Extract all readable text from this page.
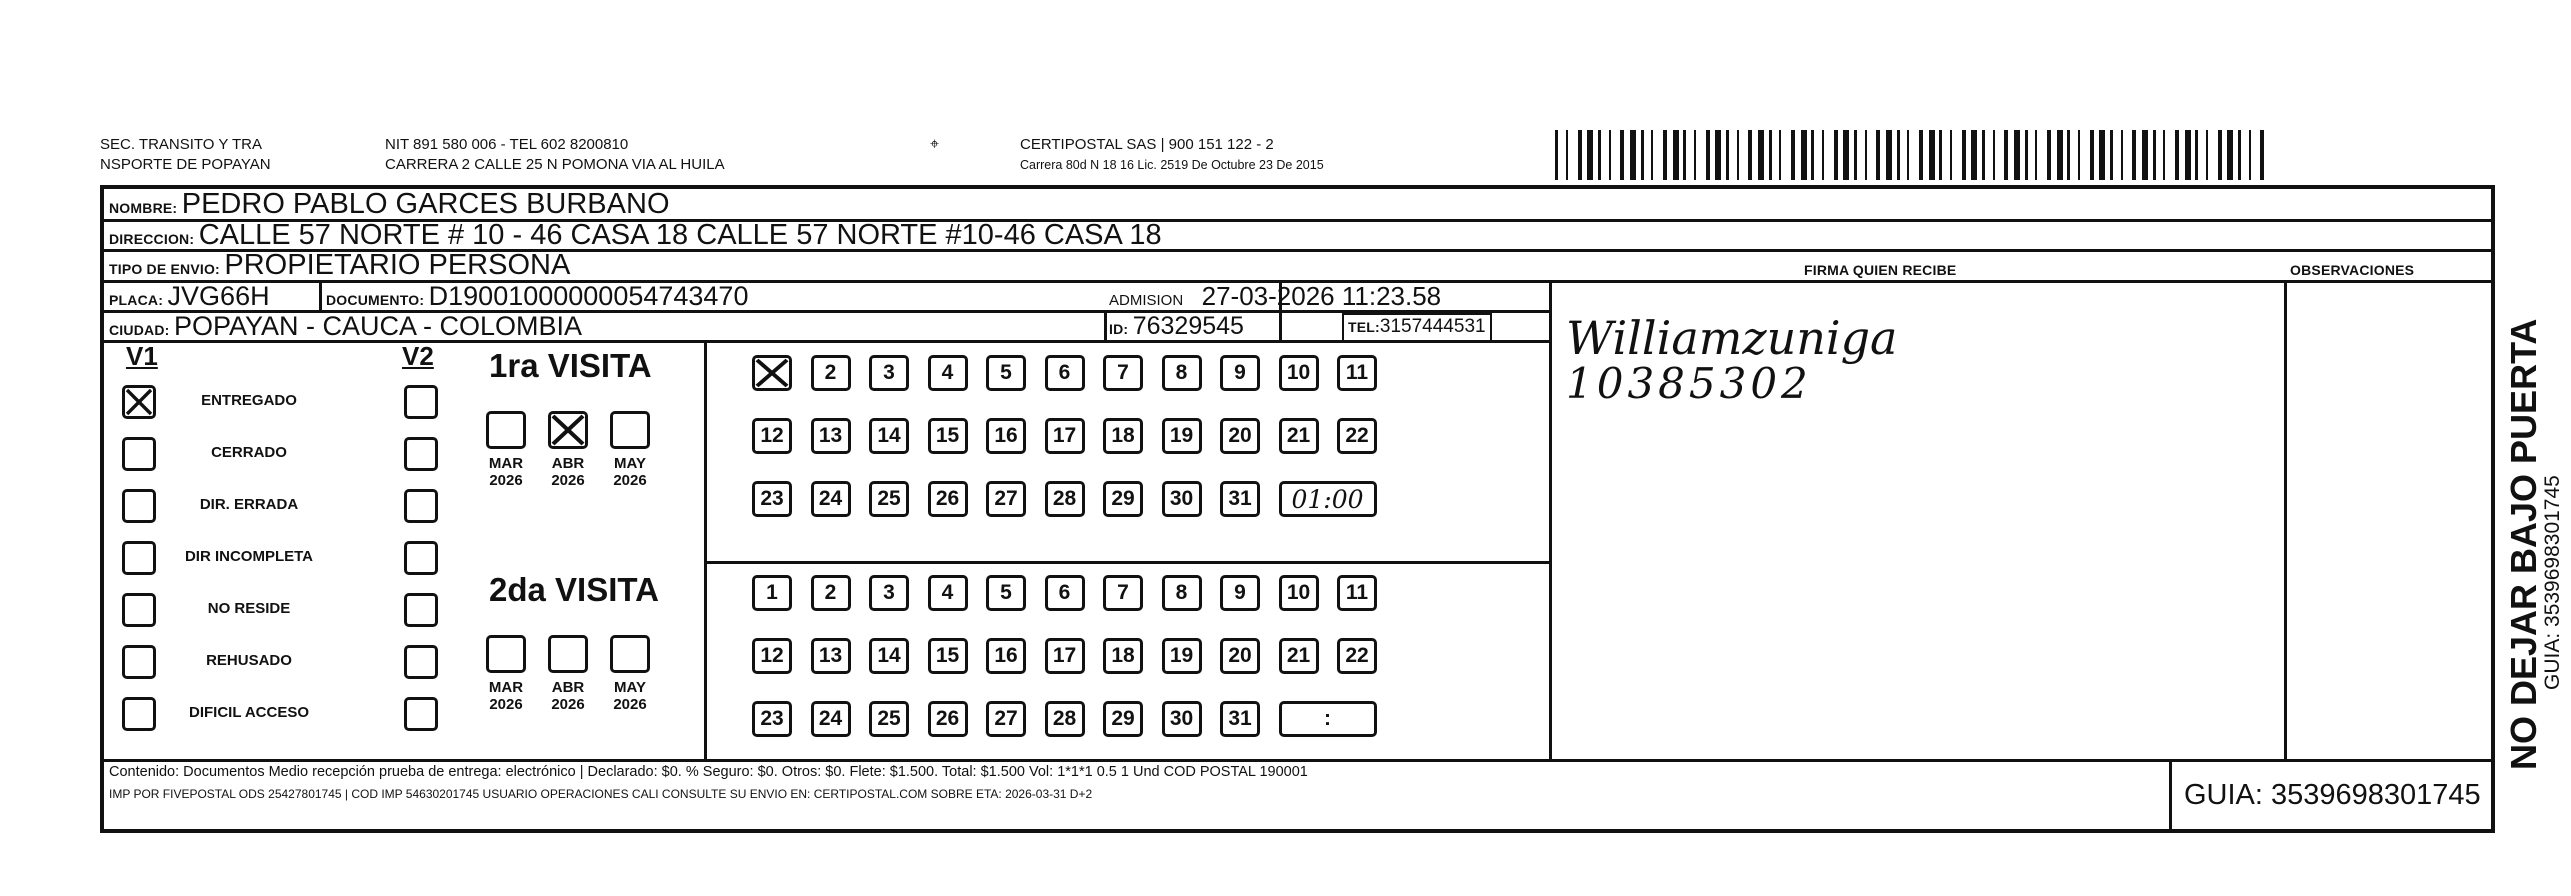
SEC. TRANSITO Y TRA
NSPORTE DE POPAYAN
NIT 891 580 006 - TEL 602 8200810
CARRERA 2 CALLE 25 N POMONA VIA AL HUILA
⌖	CERTIPOSTAL SAS | 900 151 122 - 2
Carrera 80d N 18 16 Lic. 2519 De Octubre 23 De 2015
NOMBRE: PEDRO PABLO GARCES BURBANO
DIRECCION: CALLE 57 NORTE # 10 - 46 CASA 18 CALLE 57 NORTE #10-46 CASA 18
TIPO DE ENVIO: PROPIETARIO PERSONA	FIRMA QUIEN RECIBE	OBSERVACIONES
PLACA: JVG66H	DOCUMENTO: D19001000000054743470	ADMISION 27-03-2026 11:23.58
CIUDAD: POPAYAN - CAUCA - COLOMBIA	ID: 76329545	TEL:3157444531 Williamzuniga
10385302
V1	V2
ENTREGADO
CERRADO
DIR. ERRADA
DIR INCOMPLETA
NO RESIDE
REHUSADO
DIFICIL ACCESO
1ra VISITA
2da VISITA
MAR
2026
ABR
2026
MAY
2026
MAR
2026
ABR
2026
MAY
2026
2	3	4	5	6	7	8	9	10	11
12	13	14	15	16	17	18	19	20	21	22
23	24	25	26	27	28	29	30	31	01:00
1	2	3	4	5	6	7	8	9	10	11
12	13	14	15	16	17	18	19	20	21	22
23	24	25	26	27	28	29	30	31	:
Contenido: Documentos Medio recepción prueba de entrega: electrónico | Declarado: $0. % Seguro: $0. Otros: $0. Flete: $1.500. Total: $1.500 Vol: 1*1*1 0.5 1 Und COD POSTAL 190001
IMP POR FIVEPOSTAL ODS 25427801745 | COD IMP 54630201745 USUARIO OPERACIONES CALI CONSULTE SU ENVIO EN: CERTIPOSTAL.COM SOBRE ETA: 2026-03-31 D+2	GUIA: 3539698301745
NO DEJAR BAJO PUERTA
GUIA: 3539698301745
